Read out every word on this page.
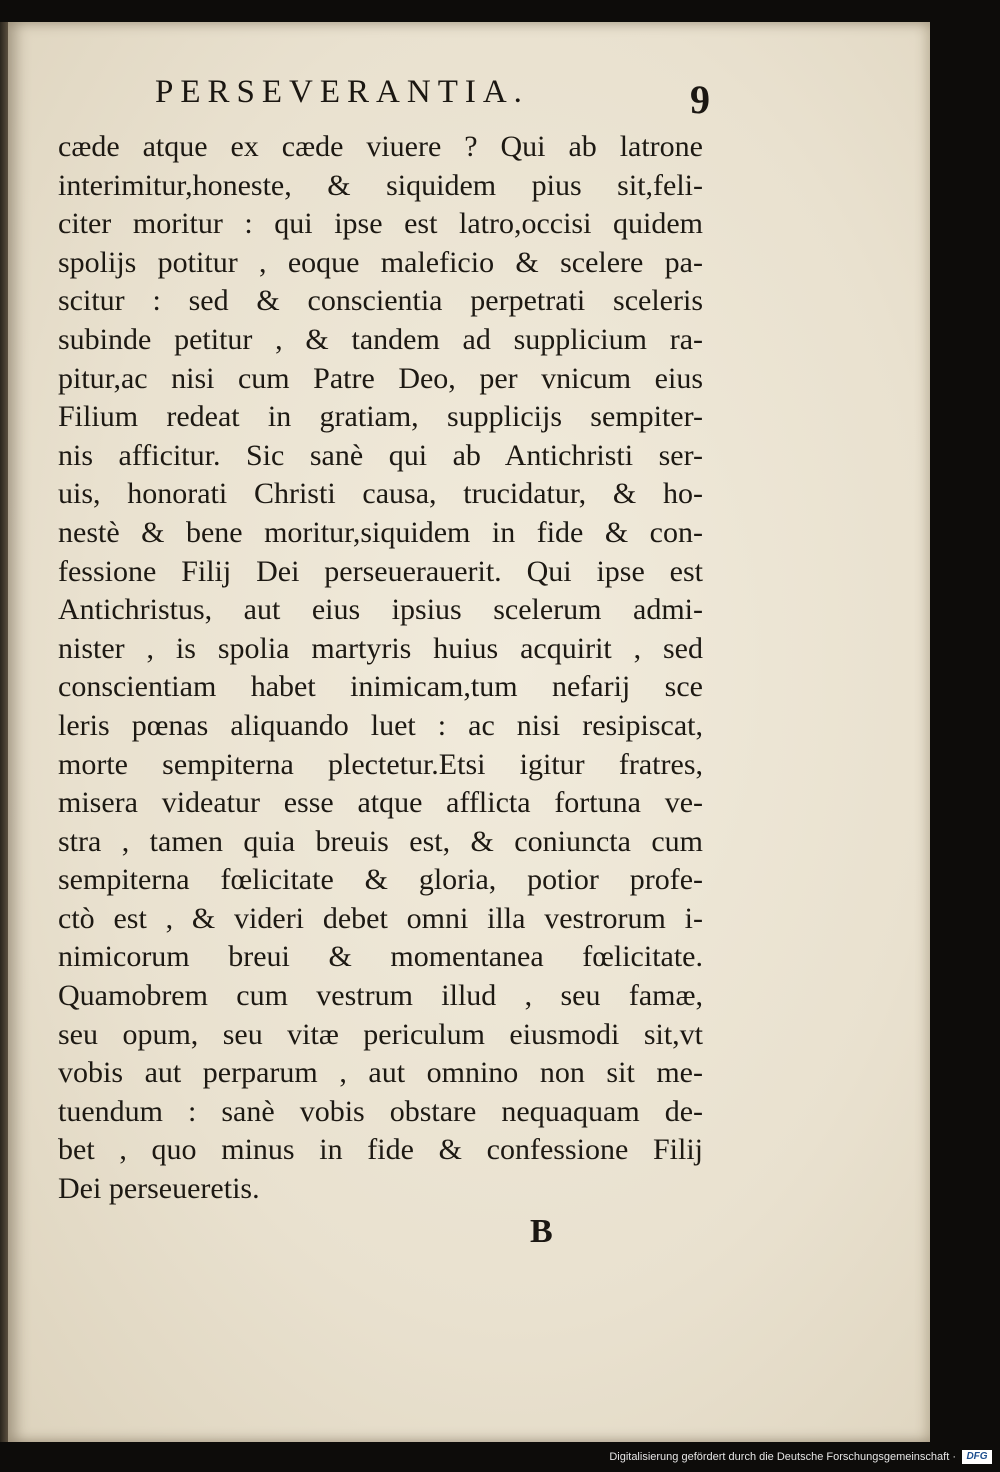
PERSEVERANTIA.	9
cæde atque ex cæde viuere ? Qui ab latrone
interimitur,honeste, & siquidem pius sit,feli-
citer moritur : qui ipse est latro,occisi quidem
spolijs potitur , eoque maleficio & scelere pa-
scitur : sed & conscientia perpetrati sceleris
subinde petitur , & tandem ad supplicium ra-
pitur,ac nisi cum Patre Deo, per vnicum eius
Filium redeat in gratiam, supplicijs sempiter-
nis afficitur. Sic sanè qui ab Antichristi ser-
uis, honorati Christi causa, trucidatur, & ho-
nestè & bene moritur,siquidem in fide & con-
fessione Filij Dei perseuerauerit. Qui ipse est
Antichristus, aut eius ipsius scelerum admi-
nister , is spolia martyris huius acquirit , sed
conscientiam habet inimicam,tum nefarij sce
leris pœnas aliquando luet : ac nisi resipiscat,
morte sempiterna plectetur.Etsi igitur fratres,
misera videatur esse atque afflicta fortuna ve-
stra , tamen quia breuis est, & coniuncta cum
sempiterna fœlicitate & gloria, potior profe-
ctò est , & videri debet omni illa vestrorum i-
nimicorum breui & momentanea fœlicitate.
Quamobrem cum vestrum illud , seu famæ,
seu opum, seu vitæ periculum eiusmodi sit,vt
vobis aut perparum , aut omnino non sit me-
tuendum : sanè vobis obstare nequaquam de-
bet , quo minus in fide & confessione Filij
Dei perseueretis.
B
Digitalisierung gefördert durch die Deutsche Forschungsgemeinschaft ·	DFG
